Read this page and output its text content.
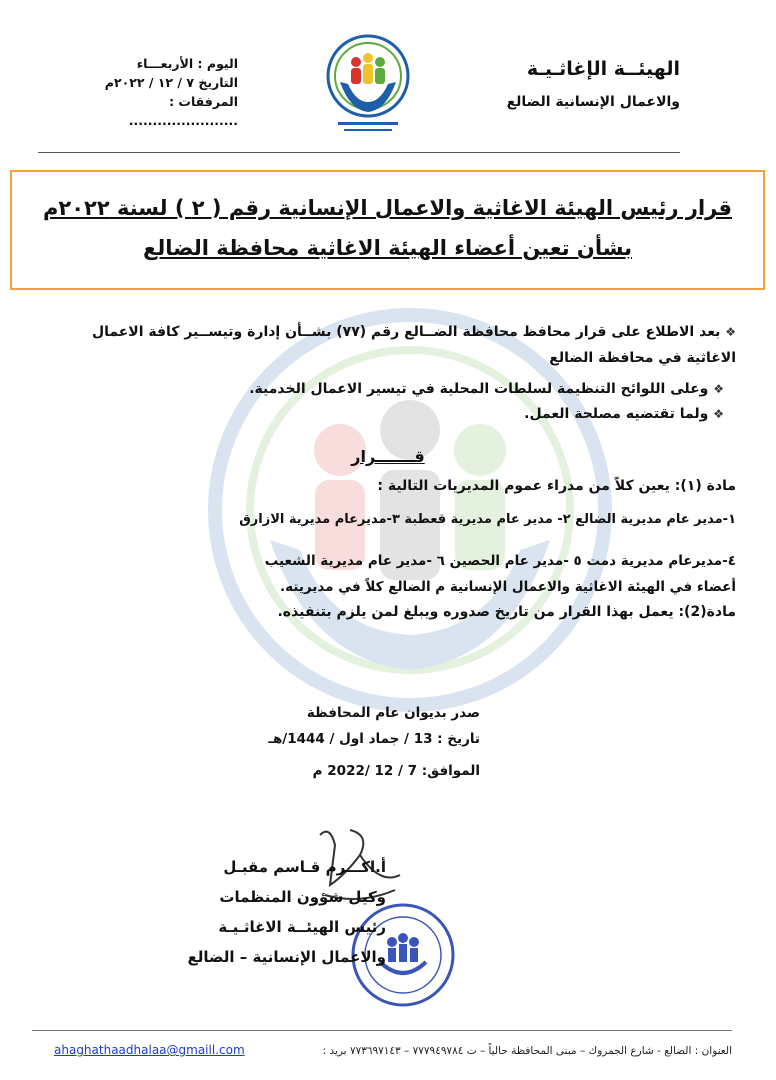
الهيئــة الإغاثـيـة
والاعمال الإنسانية الضالع
اليوم : الأربعـــاء
التاريخ ٧ / ١٢ / ٢٠٢٢م
المرفقات : .......................
قرار رئيس الهيئة الاغاثية والاعمال الإنسانية رقم ( ٢ ) لسنة ٢٠٢٢م
بشأن تعين أعضاء الهيئة الاغاثية محافظة الضالع
❖ بعد الاطلاع على قرار محافظ محافظة الضــالع رقم (٧٧) بشــأن إدارة وتيســير كافة الاعمال
الاغاثية في محافظة الضالع
❖ وعلى اللوائح التنظيمة لسلطات المحلية في تيسير الاعمال الخدمية.
❖ ولما تقتضيه مصلحة العمل.
قـــــــرار
مادة (١): يعين كلاً من مدراء عموم المديريات التالية :
١-مدير عام مديرية الضالع ٢- مدير عام مديرية قعطبة ٣-مديرعام مديرية الازارق
٤-مديرعام مديرية دمت ٥ -مدير عام الحصين ٦ -مدير عام مديرية الشعيب
أعضاء في الهيئة الاغاثية والاعمال الإنسانية م الضالع كلاً في مديريته.
مادة(2): يعمل بهذا القرار من تاريخ صدوره ويبلغ لمن يلزم بتنفيذه.
صدر بديوان عام المحافظة
تاريخ : 13 / جماد اول / 1444/هـ
الموافق: 7 / 12 /2022 م
أ.اكـــرم قـاسم مقبـل
وكيل شؤون المنظمات
رئيس الهيئــة الاغاثـيـة
والاعمال الإنسانية – الضالع
العنوان : الضالع - شارع الجمروك – مبنى المحافظة حالياً – ت ٧٧٧٩٤٩٧٨٤ – ٧٧٣٦٩٧١٤٣ بريد :
ahaghathaadhalaa@gmaill.com
